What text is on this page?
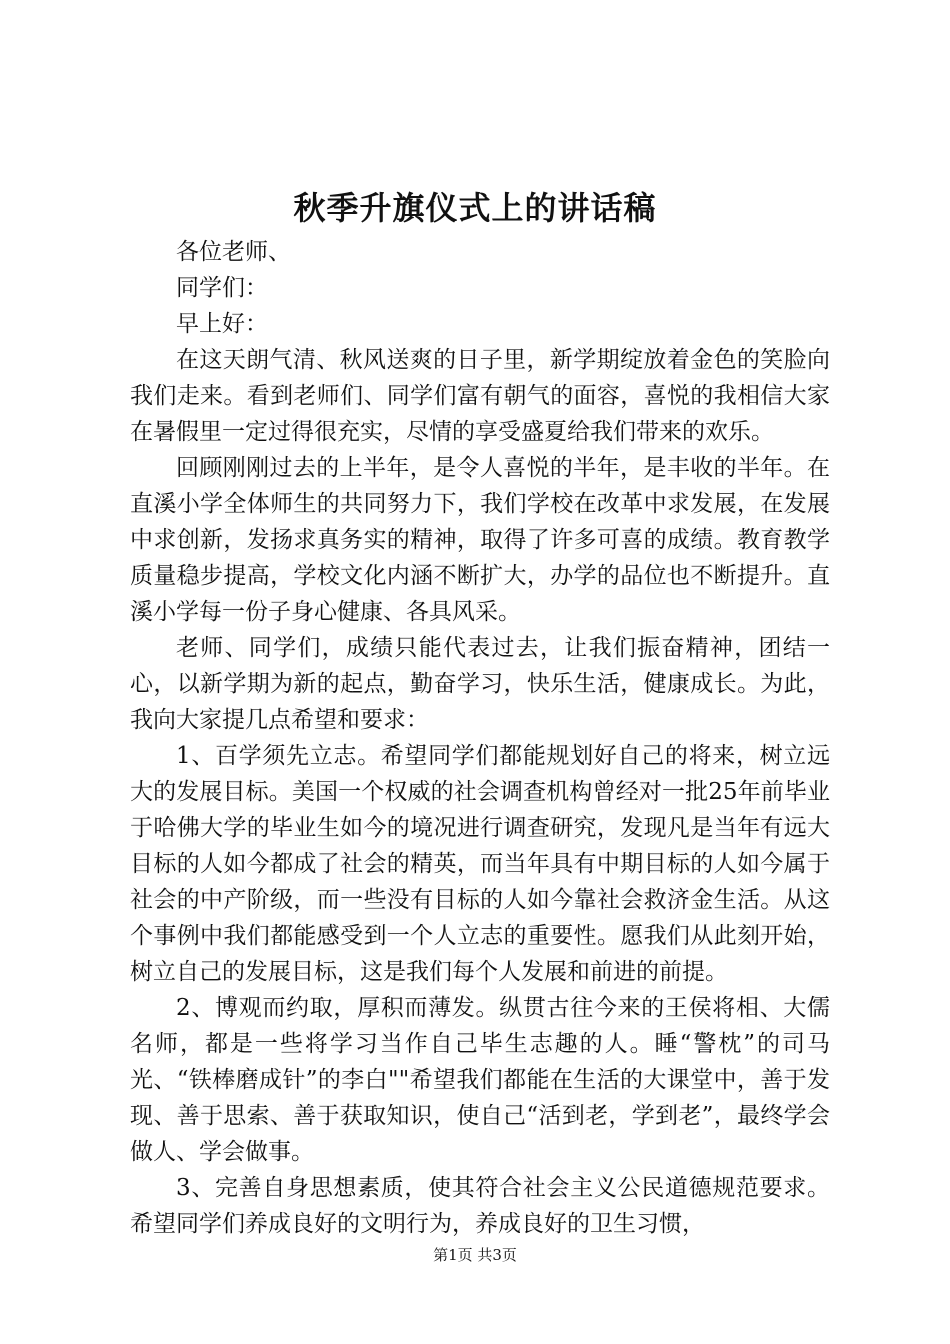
秋季升旗仪式上的讲话稿

各位老师、

同学们：

早上好：

在这天朗气清、秋风送爽的日子里，新学期绽放着金色的笑脸向我们走来。看到老师们、同学们富有朝气的面容，喜悦的我相信大家在暑假里一定过得很充实，尽情的享受盛夏给我们带来的欢乐。

回顾刚刚过去的上半年，是令人喜悦的半年，是丰收的半年。在直溪小学全体师生的共同努力下，我们学校在改革中求发展，在发展中求创新，发扬求真务实的精神，取得了许多可喜的成绩。教育教学质量稳步提高，学校文化内涵不断扩大，办学的品位也不断提升。直溪小学每一份子身心健康、各具风采。

老师、同学们，成绩只能代表过去，让我们振奋精神，团结一心，以新学期为新的起点，勤奋学习，快乐生活，健康成长。为此，我向大家提几点希望和要求：

1、百学须先立志。希望同学们都能规划好自己的将来，树立远大的发展目标。美国一个权威的社会调查机构曾经对一批25年前毕业于哈佛大学的毕业生如今的境况进行调查研究，发现凡是当年有远大目标的人如今都成了社会的精英，而当年具有中期目标的人如今属于社会的中产阶级，而一些没有目标的人如今靠社会救济金生活。从这个事例中我们都能感受到一个人立志的重要性。愿我们从此刻开始，树立自己的发展目标，这是我们每个人发展和前进的前提。

2、博观而约取，厚积而薄发。纵贯古往今来的王侯将相、大儒名师，都是一些将学习当作自己毕生志趣的人。睡“警枕”的司马光、“铁棒磨成针”的李白""希望我们都能在生活的大课堂中，善于发现、善于思索、善于获取知识，使自己“活到老，学到老”，最终学会做人、学会做事。

3、完善自身思想素质，使其符合社会主义公民道德规范要求。希望同学们养成良好的文明行为，养成良好的卫生习惯，

第1页 共3页
